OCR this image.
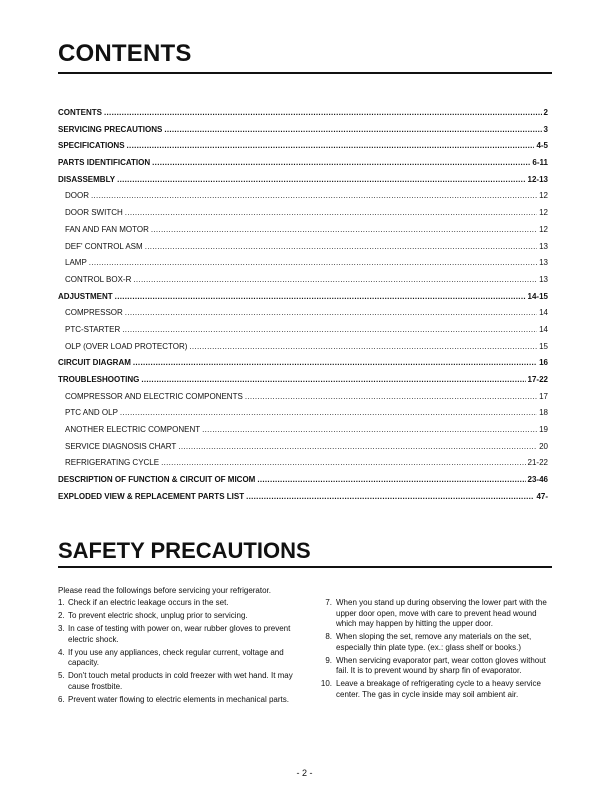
CONTENTS
CONTENTS .....	2
SERVICING PRECAUTIONS .....	3
SPECIFICATIONS .....	4-5
PARTS IDENTIFICATION .....	6-11
DISASSEMBLY .....	12-13
DOOR .....	12
DOOR SWITCH .....	12
FAN AND FAN MOTOR .....	12
DEF' CONTROL ASM .....	13
LAMP .....	13
CONTROL BOX-R .....	13
ADJUSTMENT .....	14-15
COMPRESSOR .....	14
PTC-STARTER .....	14
OLP (OVER LOAD PROTECTOR) .....	15
CIRCUIT DIAGRAM .....	16
TROUBLESHOOTING .....	17-22
COMPRESSOR AND ELECTRIC COMPONENTS .....	17
PTC AND OLP .....	18
ANOTHER ELECTRIC COMPONENT .....	19
SERVICE DIAGNOSIS CHART .....	20
REFRIGERATING CYCLE .....	21-22
DESCRIPTION OF FUNCTION & CIRCUIT OF MICOM .....	23-46
EXPLODED VIEW & REPLACEMENT PARTS LIST .....	47-
SAFETY PRECAUTIONS
Please read the followings before servicing your refrigerator.
1. Check if an electric leakage occurs in the set.
2. To prevent electric shock, unplug prior to servicing.
3. In case of testing with power on, wear rubber gloves to prevent electric shock.
4. If you use any appliances, check regular current, voltage and capacity.
5. Don't touch metal products in cold freezer with wet hand. It may cause frostbite.
6. Prevent water flowing to electric elements in mechanical parts.
7. When you stand up during observing the lower part with the upper door open, move with care to prevent head wound which may happen by hitting the upper door.
8. When sloping the set, remove any materials on the set, especially thin plate type. (ex.: glass shelf or books.)
9. When servicing evaporator part, wear cotton gloves without fail. It is to prevent wound by sharp fin of evaporator.
10. Leave a breakage of refrigerating cycle to a heavy service center. The gas in cycle inside may soil ambient air.
- 2 -
